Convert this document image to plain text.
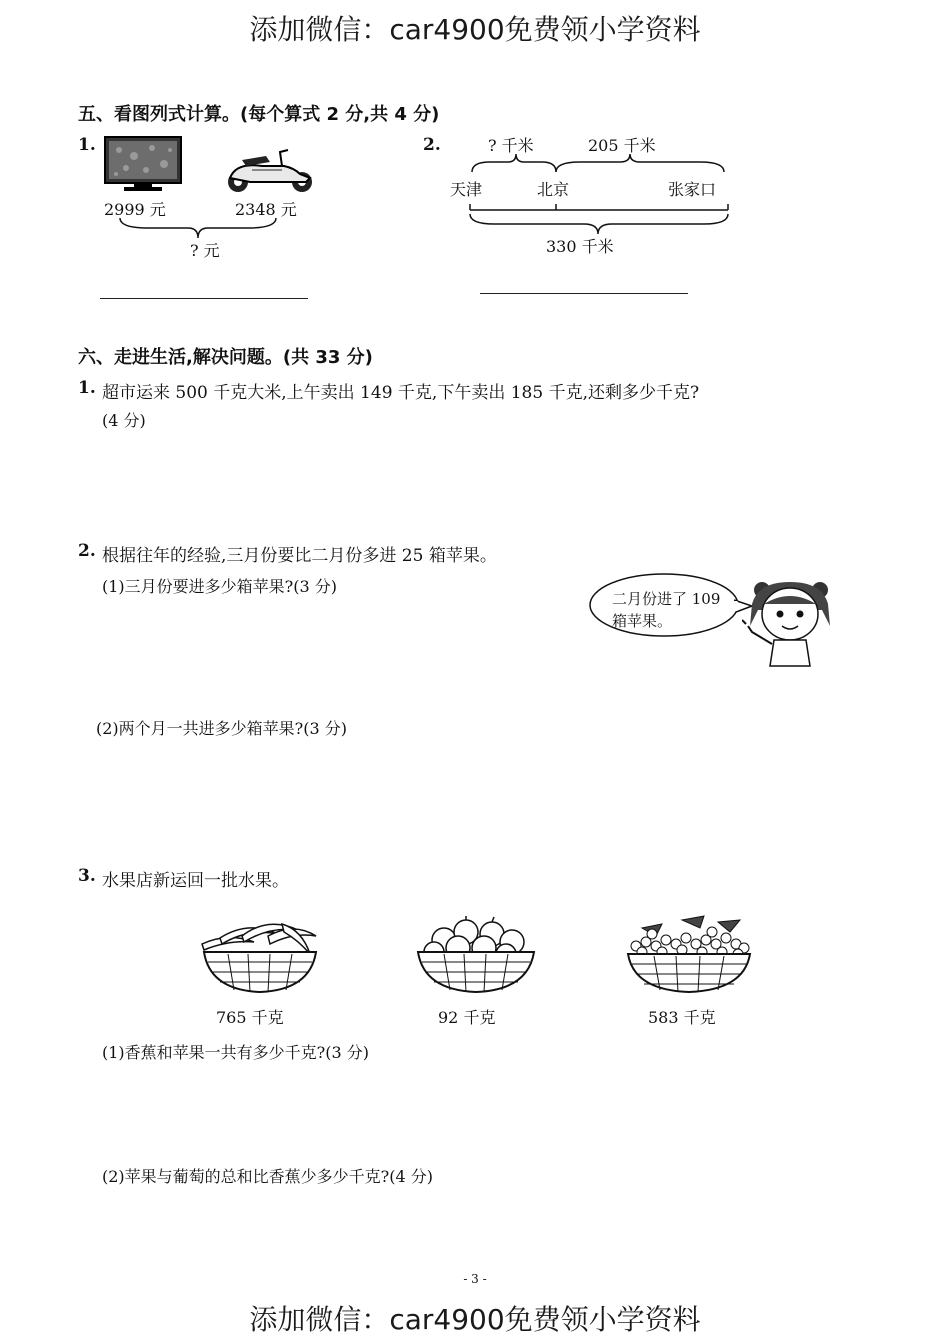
添加微信：car4900免费领小学资料
五、看图列式计算。(每个算式 2 分,共 4 分)
1.
2999 元	2348 元
? 元
2.	? 千米	205 千米
天津	北京	张家口
330 千米
六、走进生活,解决问题。(共 33 分)
1. 超市运来 500 千克大米,上午卖出 149 千克,下午卖出 185 千克,还剩多少千克?
(4 分)
2. 根据往年的经验,三月份要比二月份多进 25 箱苹果。
(1)三月份要进多少箱苹果?(3 分)
二月份进了 109
箱苹果。
(2)两个月一共进多少箱苹果?(3 分)
3. 水果店新运回一批水果。
765 千克	92 千克	583 千克
(1)香蕉和苹果一共有多少千克?(3 分)
(2)苹果与葡萄的总和比香蕉少多少千克?(4 分)
- 3 -
添加微信：car4900免费领小学资料
